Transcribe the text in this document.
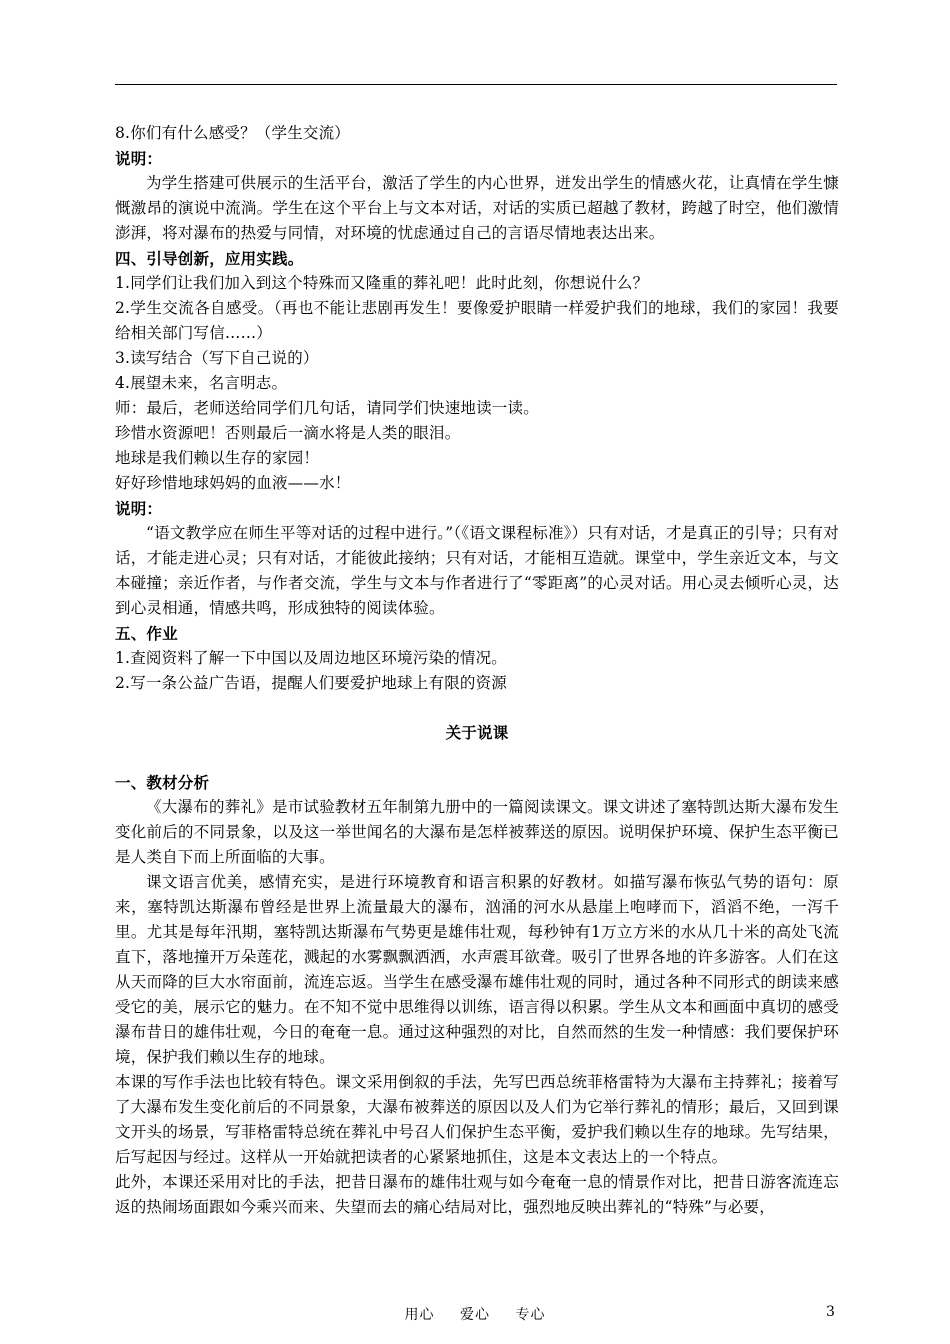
8.你们有什么感受？（学生交流）

说明：

为学生搭建可供展示的生活平台，激活了学生的内心世界，迸发出学生的情感火花，让真情在学生慷慨激昂的演说中流淌。学生在这个平台上与文本对话，对话的实质已超越了教材，跨越了时空，他们激情澎湃，将对瀑布的热爱与同情，对环境的忧虑通过自己的言语尽情地表达出来。

四、引导创新，应用实践。

1.同学们让我们加入到这个特殊而又隆重的葬礼吧！此时此刻，你想说什么？

2.学生交流各自感受。（再也不能让悲剧再发生！要像爱护眼睛一样爱护我们的地球，我们的家园！我要给相关部门写信……）

3.读写结合（写下自己说的）

4.展望未来，名言明志。

师：最后，老师送给同学们几句话，请同学们快速地读一读。

珍惜水资源吧！否则最后一滴水将是人类的眼泪。

地球是我们赖以生存的家园！

好好珍惜地球妈妈的血液——水！

说明：

“语文教学应在师生平等对话的过程中进行。”（《语文课程标准》）只有对话，才是真正的引导；只有对话，才能走进心灵；只有对话，才能彼此接纳；只有对话，才能相互造就。课堂中，学生亲近文本，与文本碰撞；亲近作者，与作者交流，学生与文本与作者进行了“零距离”的心灵对话。用心灵去倾听心灵，达到心灵相通，情感共鸣，形成独特的阅读体验。

五、作业

1.查阅资料了解一下中国以及周边地区环境污染的情况。

2.写一条公益广告语，提醒人们要爱护地球上有限的资源

关于说课

一、教材分析

《大瀑布的葬礼》是市试验教材五年制第九册中的一篇阅读课文。课文讲述了塞特凯达斯大瀑布发生变化前后的不同景象，以及这一举世闻名的大瀑布是怎样被葬送的原因。说明保护环境、保护生态平衡已是人类自下而上所面临的大事。

课文语言优美，感情充实，是进行环境教育和语言积累的好教材。如描写瀑布恢弘气势的语句：原来，塞特凯达斯瀑布曾经是世界上流量最大的瀑布，汹涌的河水从悬崖上咆哮而下，滔滔不绝，一泻千里。尤其是每年汛期，塞特凯达斯瀑布气势更是雄伟壮观，每秒钟有1万立方米的水从几十米的高处飞流直下，落地撞开万朵莲花，溅起的水雾飘飘洒洒，水声震耳欲聋。吸引了世界各地的许多游客。人们在这从天而降的巨大水帘面前，流连忘返。当学生在感受瀑布雄伟壮观的同时，通过各种不同形式的朗读来感受它的美，展示它的魅力。在不知不觉中思维得以训练，语言得以积累。学生从文本和画面中真切的感受瀑布昔日的雄伟壮观，今日的奄奄一息。通过这种强烈的对比，自然而然的生发一种情感：我们要保护环境，保护我们赖以生存的地球。

本课的写作手法也比较有特色。课文采用倒叙的手法，先写巴西总统菲格雷特为大瀑布主持葬礼；接着写了大瀑布发生变化前后的不同景象，大瀑布被葬送的原因以及人们为它举行葬礼的情形；最后，又回到课文开头的场景，写菲格雷特总统在葬礼中号召人们保护生态平衡，爱护我们赖以生存的地球。先写结果，后写起因与经过。这样从一开始就把读者的心紧紧地抓住，这是本文表达上的一个特点。

此外，本课还采用对比的手法，把昔日瀑布的雄伟壮观与如今奄奄一息的情景作对比，把昔日游客流连忘返的热闹场面跟如今乘兴而来、失望而去的痛心结局对比，强烈地反映出葬礼的“特殊”与必要，

用心 爱心 专心	3
